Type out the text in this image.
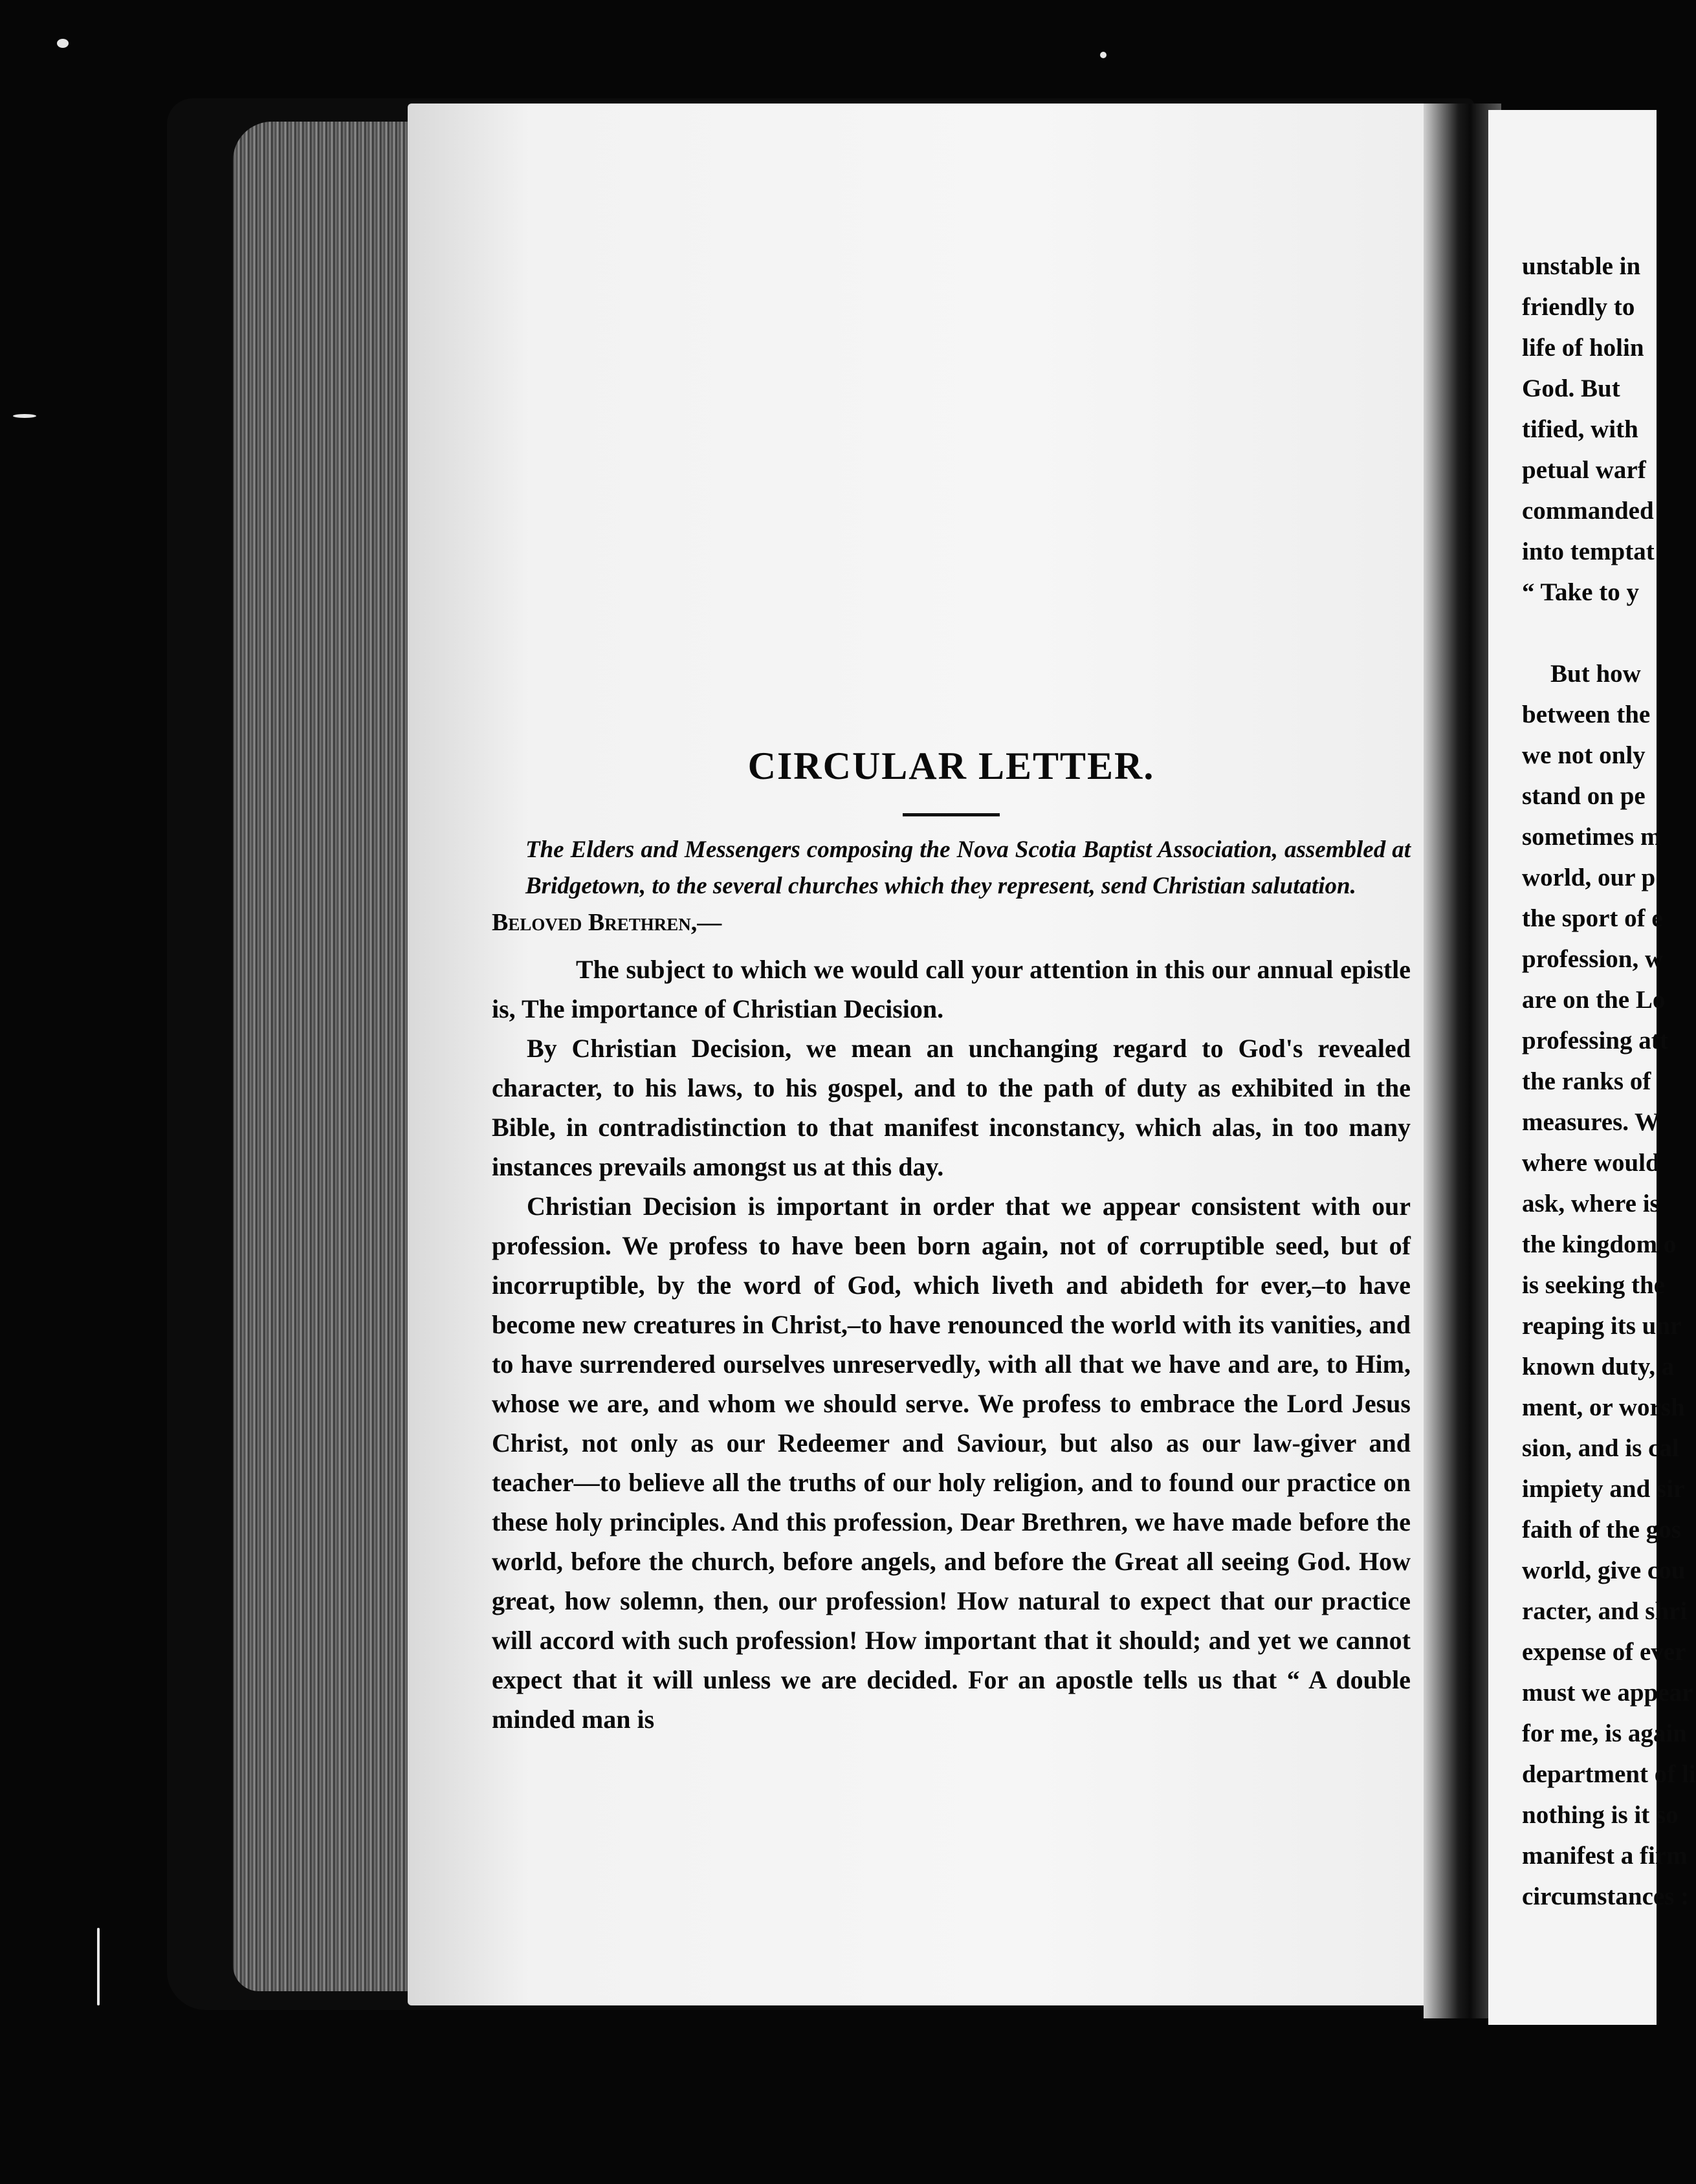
CIRCULAR LETTER.
The Elders and Messengers composing the Nova Scotia Baptist Association, assembled at Bridgetown, to the several churches which they represent, send Christian salutation.
Beloved Brethren,—

The subject to which we would call your attention in this our annual epistle is, The importance of Christian Decision.

By Christian Decision, we mean an unchanging regard to God's revealed character, to his laws, to his gospel, and to the path of duty as exhibited in the Bible, in contradistinction to that manifest inconstancy, which alas, in too many instances prevails amongst us at this day.

Christian Decision is important in order that we appear consistent with our profession. We profess to have been born again, not of corruptible seed, but of incorruptible, by the word of God, which liveth and abideth for ever,–to have become new creatures in Christ,–to have renounced the world with its vanities, and to have surrendered ourselves unreservedly, with all that we have and are, to Him, whose we are, and whom we should serve. We profess to embrace the Lord Jesus Christ, not only as our Redeemer and Saviour, but also as our law-giver and teacher—to believe all the truths of our holy religion, and to found our practice on these holy principles. And this profession, Dear Brethren, we have made before the world, before the church, before angels, and before the Great all seeing God. How great, how solemn, then, our profession! How natural to expect that our practice will accord with such profession! How important that it should; and yet we cannot expect that it will unless we are decided. For an apostle tells us that “ A double minded man is

unstable in
friendly to
life of holin
God. But
tified, with
petual warf
commanded
into temptat
“ Take to y

But how
between the
we not only
stand on pe
sometimes m
world, our p
the sport of e
profession, w
are on the Lo
professing att
the ranks of
measures. W
where would
ask, where is
the kingdom o
is seeking the
reaping its unr
known duty, a
ment, or worsh
sion, and is cal
impiety and sir
faith of the gos
world, give cou
racter, and shri
expense of ever
must we appear
for me, is again
department of li
nothing is it so
manifest a firm
circumstances :
